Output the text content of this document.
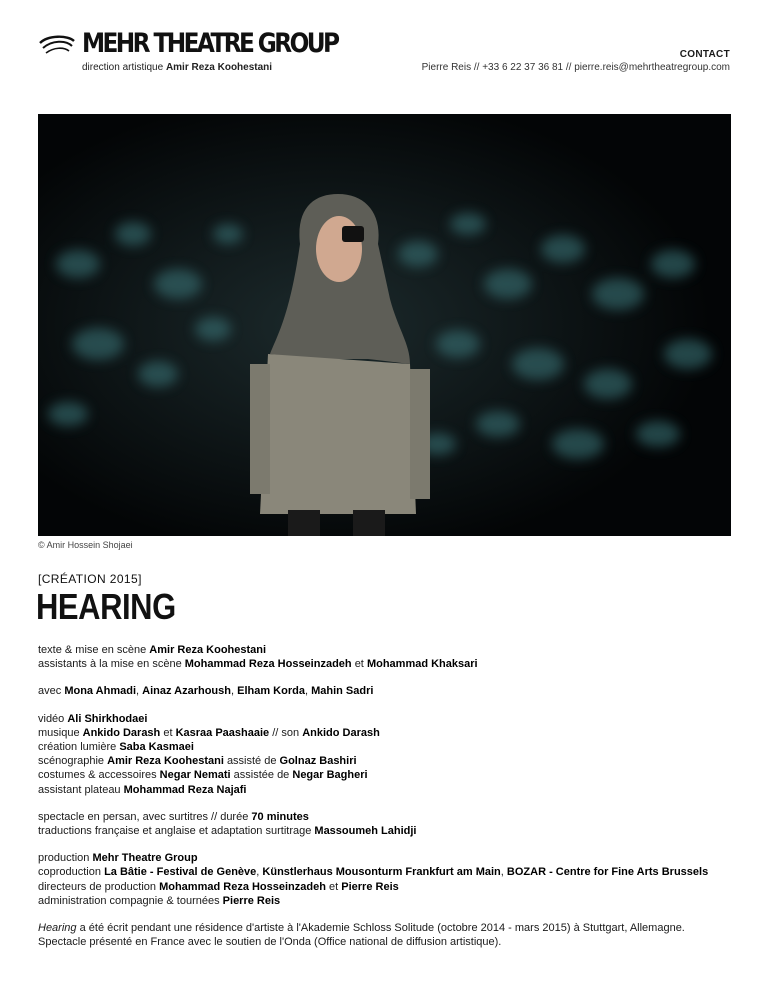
MEHR THEATRE GROUP
direction artistique Amir Reza Koohestani
CONTACT
Pierre Reis // +33 6 22 37 36 81 // pierre.reis@mehrtheatregroup.com
© Amir Hossein Shojaei
[CRÉATION 2015]
HEARING

texte & mise en scène Amir Reza Koohestani
assistants à la mise en scène Mohammad Reza Hosseinzadeh et Mohammad Khaksari

avec Mona Ahmadi, Ainaz Azarhoush, Elham Korda, Mahin Sadri

vidéo Ali Shirkhodaei
musique Ankido Darash et Kasraa Paashaaie // son Ankido Darash
création lumière Saba Kasmaei
scénographie Amir Reza Koohestani assisté de Golnaz Bashiri
costumes & accessoires Negar Nemati assistée de Negar Bagheri
assistant plateau Mohammad Reza Najafi

spectacle en persan, avec surtitres // durée 70 minutes
traductions française et anglaise et adaptation surtitrage Massoumeh Lahidji

production Mehr Theatre Group
coproduction La Bâtie - Festival de Genève, Künstlerhaus Mousonturm Frankfurt am Main, BOZAR - Centre for Fine Arts Brussels
directeurs de production Mohammad Reza Hosseinzadeh et Pierre Reis
administration compagnie & tournées Pierre Reis

Hearing a été écrit pendant une résidence d'artiste à l'Akademie Schloss Solitude (octobre 2014 - mars 2015) à Stuttgart, Allemagne.
Spectacle présenté en France avec le soutien de l'Onda (Office national de diffusion artistique).
